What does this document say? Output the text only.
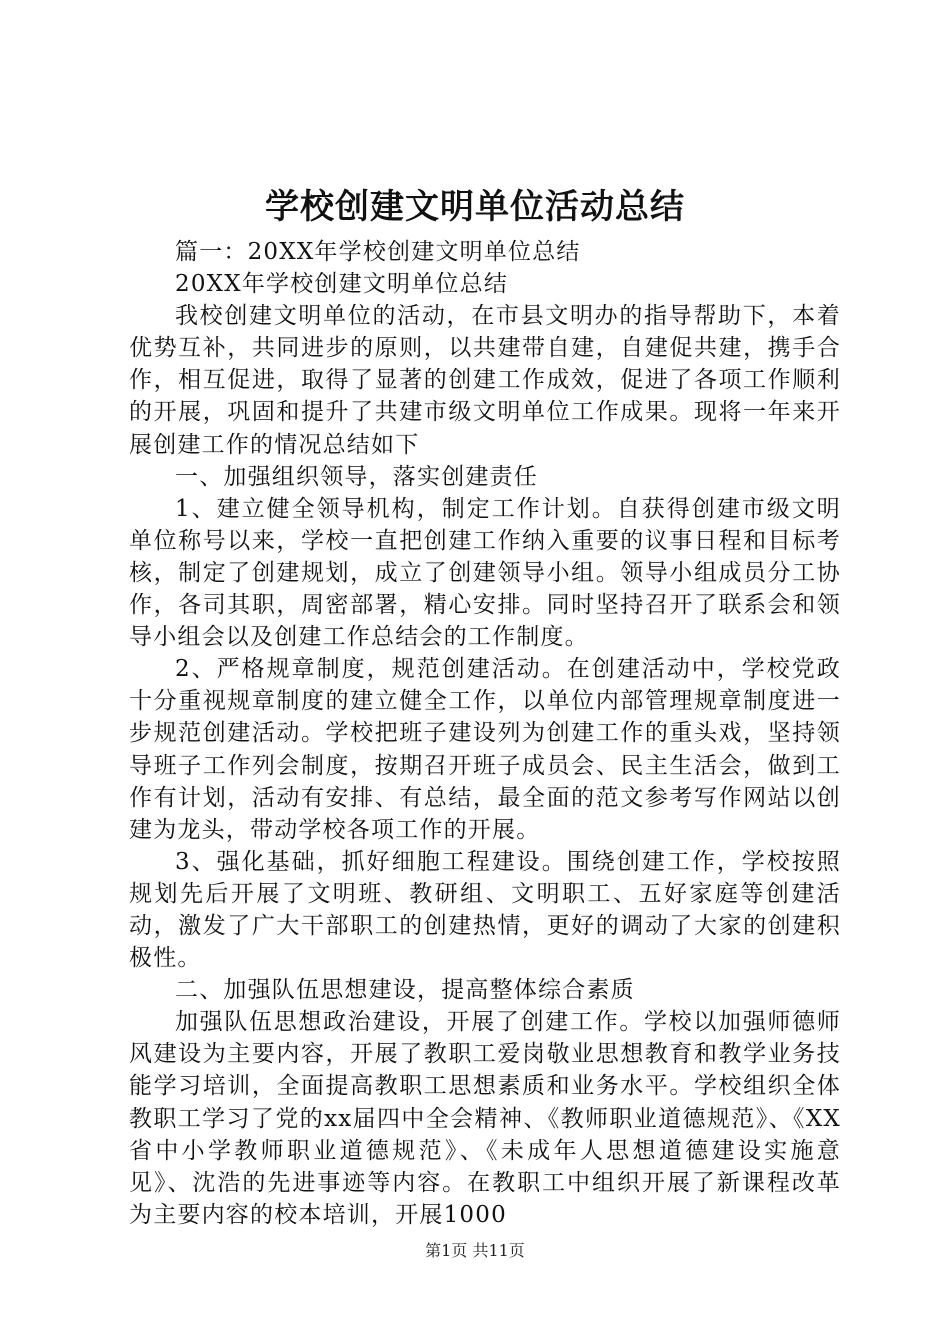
学校创建文明单位活动总结

篇一：20XX年学校创建文明单位总结

20XX年学校创建文明单位总结

我校创建文明单位的活动，在市县文明办的指导帮助下，本着优势互补，共同进步的原则，以共建带自建，自建促共建，携手合作，相互促进，取得了显著的创建工作成效，促进了各项工作顺利的开展，巩固和提升了共建市级文明单位工作成果。现将一年来开展创建工作的情况总结如下

一、加强组织领导，落实创建责任

1、建立健全领导机构，制定工作计划。自获得创建市级文明单位称号以来，学校一直把创建工作纳入重要的议事日程和目标考核，制定了创建规划，成立了创建领导小组。领导小组成员分工协作，各司其职，周密部署，精心安排。同时坚持召开了联系会和领导小组会以及创建工作总结会的工作制度。

2、严格规章制度，规范创建活动。在创建活动中，学校党政十分重视规章制度的建立健全工作，以单位内部管理规章制度进一步规范创建活动。学校把班子建设列为创建工作的重头戏，坚持领导班子工作列会制度，按期召开班子成员会、民主生活会，做到工作有计划，活动有安排、有总结，最全面的范文参考写作网站以创建为龙头，带动学校各项工作的开展。

3、强化基础，抓好细胞工程建设。围绕创建工作，学校按照规划先后开展了文明班、教研组、文明职工、五好家庭等创建活动，激发了广大干部职工的创建热情，更好的调动了大家的创建积极性。

二、加强队伍思想建设，提高整体综合素质

加强队伍思想政治建设，开展了创建工作。学校以加强师德师风建设为主要内容，开展了教职工爱岗敬业思想教育和教学业务技能学习培训，全面提高教职工思想素质和业务水平。学校组织全体教职工学习了党的xx届四中全会精神、《教师职业道德规范》、《XX省中小学教师职业道德规范》、《未成年人思想道德建设实施意见》、沈浩的先进事迹等内容。在教职工中组织开展了新课程改革为主要内容的校本培训，开展1000

第1页 共11页
